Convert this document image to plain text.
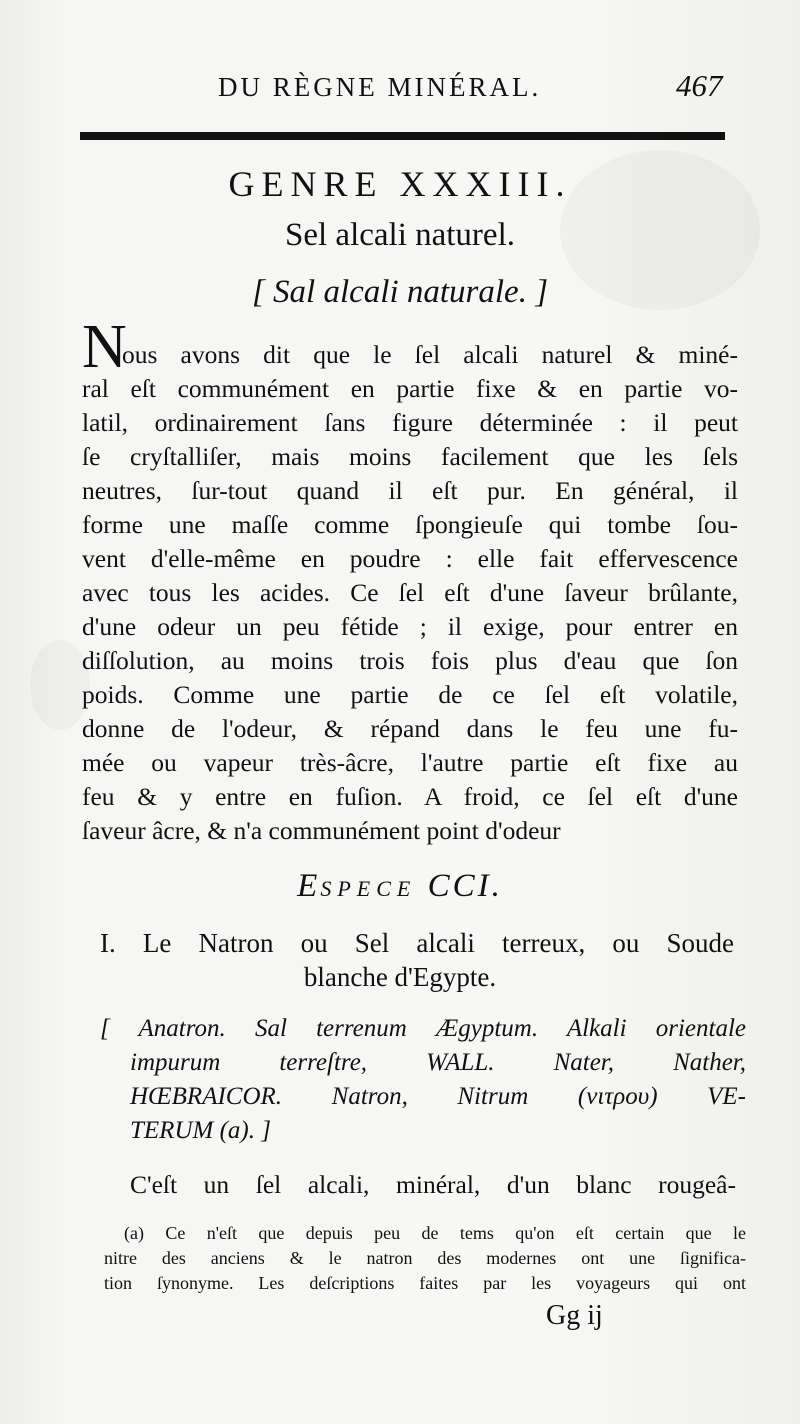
DU RÈGNE MINÉRAL.	467
GENRE XXXIII.
Sel alcali naturel.
[ Sal alcali naturale. ]
N
ous avons dit que le ſel alcali naturel & miné-
ral eſt communément en partie fixe & en partie vo-
latil, ordinairement ſans figure déterminée : il peut
ſe cryſtalliſer, mais moins facilement que les ſels
neutres, ſur-tout quand il eſt pur. En général, il
forme une maſſe comme ſpongieuſe qui tombe ſou-
vent d'elle-même en poudre : elle fait effervescence
avec tous les acides. Ce ſel eſt d'une ſaveur brûlante,
d'une odeur un peu fétide ; il exige, pour entrer en
diſſolution, au moins trois fois plus d'eau que ſon
poids. Comme une partie de ce ſel eſt volatile,
donne de l'odeur, & répand dans le feu une fu-
mée ou vapeur très-âcre, l'autre partie eſt fixe au
feu & y entre en fuſion. A froid, ce ſel eſt d'une
ſaveur âcre, & n'a communément point d'odeur
ESPECE CCI.
I. Le Natron ou Sel alcali terreux, ou Soude
blanche d'Egypte.
[ Anatron. Sal terrenum Ægyptum. Alkali orientale
impurum terreſtre, WALL. Nater, Nather,
HŒBRAICOR. Natron, Nitrum (νιτρου) VE-
TERUM (a). ]
C'eſt un ſel alcali, minéral, d'un blanc rougeâ-
(a) Ce n'eſt que depuis peu de tems qu'on eſt certain que le
nitre des anciens & le natron des modernes ont une ſignifica-
tion ſynonyme. Les deſcriptions faites par les voyageurs qui ont
Gg ij
